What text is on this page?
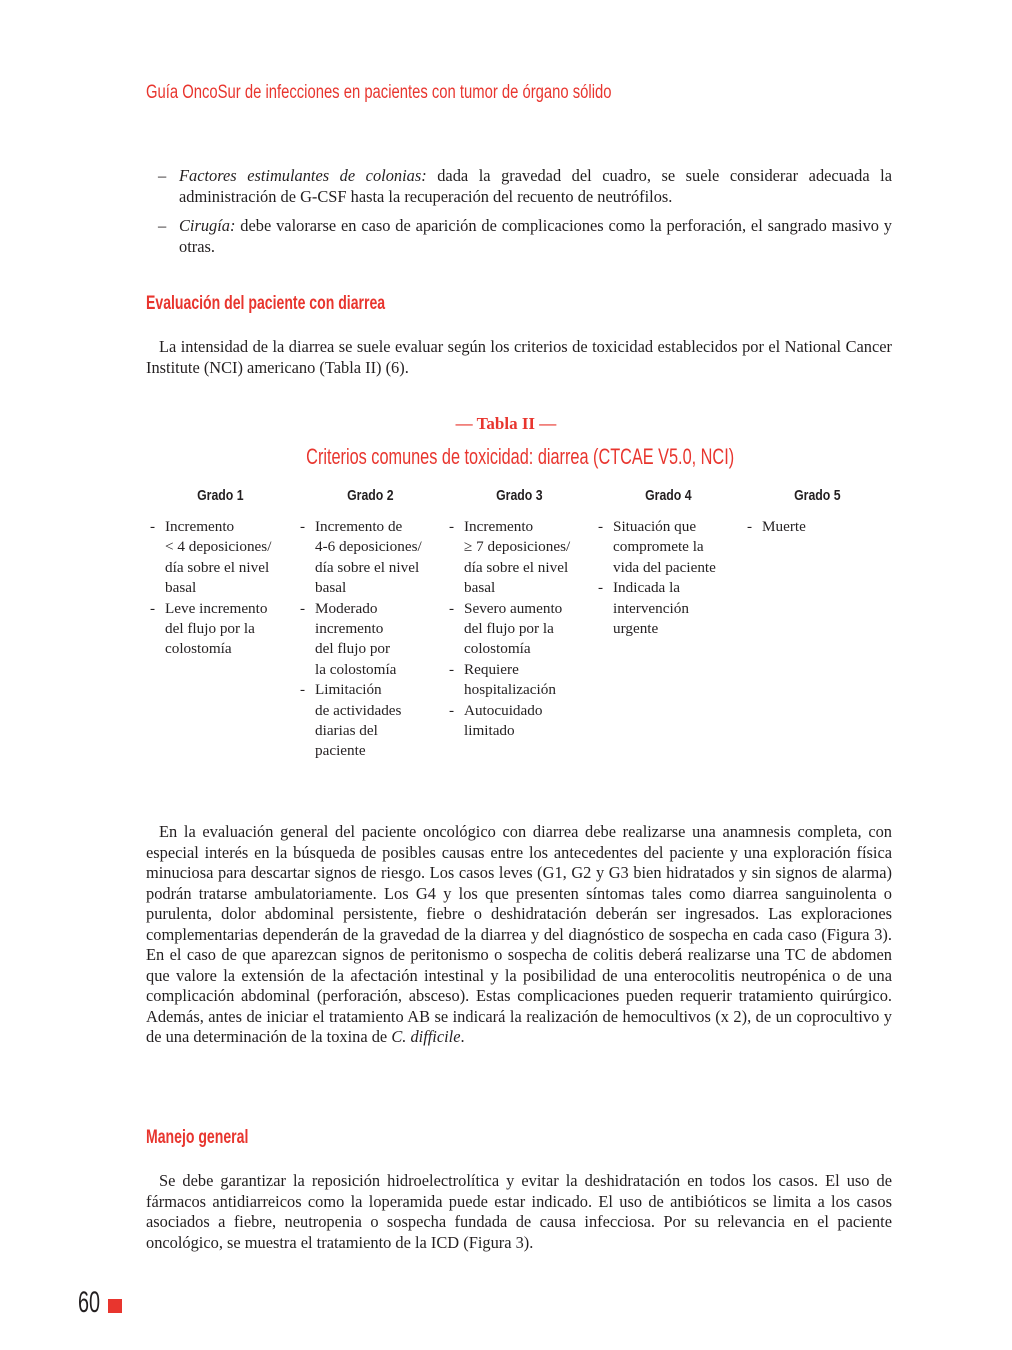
Guía OncoSur de infecciones en pacientes con tumor de órgano sólido
– Factores estimulantes de colonias: dada la gravedad del cuadro, se suele considerar adecuada la administración de G-CSF hasta la recuperación del recuento de neutrófilos.
– Cirugía: debe valorarse en caso de aparición de complicaciones como la perforación, el sangrado masivo y otras.
Evaluación del paciente con diarrea
La intensidad de la diarrea se suele evaluar según los criterios de toxicidad establecidos por el National Cancer Institute (NCI) americano (Tabla II) (6).
— Tabla II —
Criterios comunes de toxicidad: diarrea (CTCAE V5.0, NCI)
Grado 1
- Incremento
< 4 deposiciones/
día sobre el nivel
basal
- Leve incremento
del flujo por la
colostomía
Grado 2
- Incremento de
4-6 deposiciones/
día sobre el nivel
basal
- Moderado
incremento
del flujo por
la colostomía
- Limitación
de actividades
diarias del
paciente
Grado 3
- Incremento
≥ 7 deposiciones/
día sobre el nivel
basal
- Severo aumento
del flujo por la
colostomía
- Requiere
hospitalización
- Autocuidado
limitado
Grado 4
- Situación que
compromete la
vida del paciente
- Indicada la
intervención
urgente
Grado 5
- Muerte
En la evaluación general del paciente oncológico con diarrea debe realizarse una anamnesis completa, con especial interés en la búsqueda de posibles causas entre los antecedentes del paciente y una exploración física minuciosa para descartar signos de riesgo. Los casos leves (G1, G2 y G3 bien hidratados y sin signos de alarma) podrán tratarse ambulatoriamente. Los G4 y los que presenten síntomas tales como diarrea sanguinolenta o purulenta, dolor abdominal persistente, fiebre o deshidratación deberán ser ingresados. Las exploraciones complementarias dependerán de la gravedad de la diarrea y del diagnóstico de sospecha en cada caso (Figura 3). En el caso de que aparezcan signos de peritonismo o sospecha de colitis deberá realizarse una TC de abdomen que valore la extensión de la afectación intestinal y la posibilidad de una enterocolitis neutropénica o de una complicación abdominal (perforación, absceso). Estas complicaciones pueden requerir tratamiento quirúrgico. Además, antes de iniciar el tratamiento AB se indicará la realización de hemocultivos (x 2), de un coprocultivo y de una determinación de la toxina de C. difficile.
Manejo general
Se debe garantizar la reposición hidroelectrolítica y evitar la deshidratación en todos los casos. El uso de fármacos antidiarreicos como la loperamida puede estar indicado. El uso de antibióticos se limita a los casos asociados a fiebre, neutropenia o sospecha fundada de causa infecciosa. Por su relevancia en el paciente oncológico, se muestra el tratamiento de la ICD (Figura 3).
60
